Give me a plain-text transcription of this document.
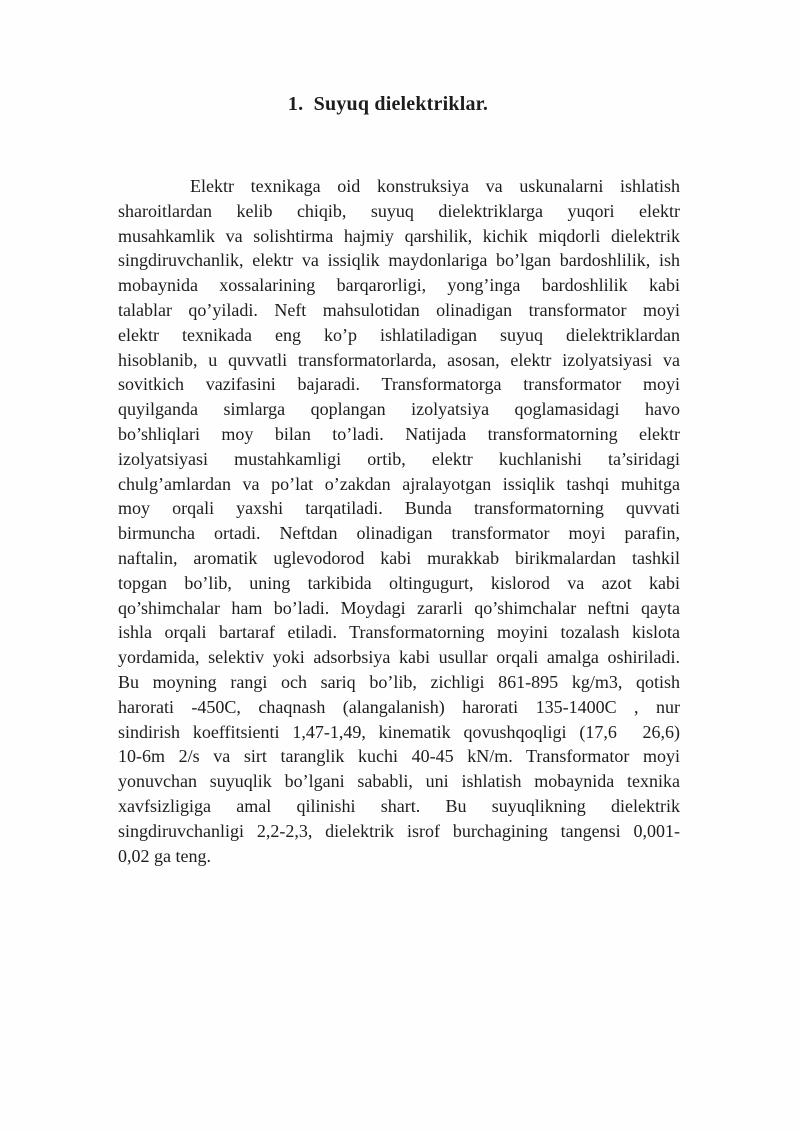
1.  Suyuq dielektriklar.
Elektr texnikaga oid konstruksiya va uskunalarni ishlatish
sharoitlardan kelib chiqib, suyuq dielektriklarga yuqori elektr
musahkamlik va solishtirma hajmiy qarshilik, kichik miqdorli dielektrik
singdiruvchanlik, elektr va issiqlik maydonlariga bo’lgan bardoshlilik, ish
mobaynida xossalarining barqarorligi, yong’inga bardoshlilik kabi
talablar qo’yiladi. Neft mahsulotidan olinadigan transformator moyi
elektr texnikada eng ko’p ishlatiladigan suyuq dielektriklardan
hisoblanib, u quvvatli transformatorlarda, asosan, elektr izolyatsiyasi va
sovitkich vazifasini bajaradi. Transformatorga transformator moyi
quyilganda simlarga qoplangan izolyatsiya qoglamasidagi havo
bo’shliqlari moy bilan to’ladi. Natijada transformatorning elektr
izolyatsiyasi mustahkamligi ortib, elektr kuchlanishi ta’siridagi
chulg’amlardan va po’lat o’zakdan ajralayotgan issiqlik tashqi muhitga
moy orqali yaxshi tarqatiladi. Bunda transformatorning quvvati
birmuncha ortadi. Neftdan olinadigan transformator moyi parafin,
naftalin, aromatik uglevodorod kabi murakkab birikmalardan tashkil
topgan bo’lib, uning tarkibida oltingugurt, kislorod va azot kabi
qo’shimchalar ham bo’ladi. Moydagi zararli qo’shimchalar neftni qayta
ishla orqali bartaraf etiladi. Transformatorning moyini tozalash kislota
yordamida, selektiv yoki adsorbsiya kabi usullar orqali amalga oshiriladi.
Bu moyning rangi och sariq bo’lib, zichligi 861-895 kg/m3, qotish
harorati -450C, chaqnash (alangalanish) harorati 135-1400C , nur
sindirish koeffitsienti 1,47-1,49, kinematik qovushqoqligi (17,6  26,6)
10-6m 2/s va sirt taranglik kuchi 40-45 kN/m. Transformator moyi
yonuvchan suyuqlik bo’lgani sababli, uni ishlatish mobaynida texnika
xavfsizligiga amal qilinishi shart. Bu suyuqlikning dielektrik
singdiruvchanligi 2,2-2,3, dielektrik isrof burchagining tangensi 0,001-
0,02 ga teng.
